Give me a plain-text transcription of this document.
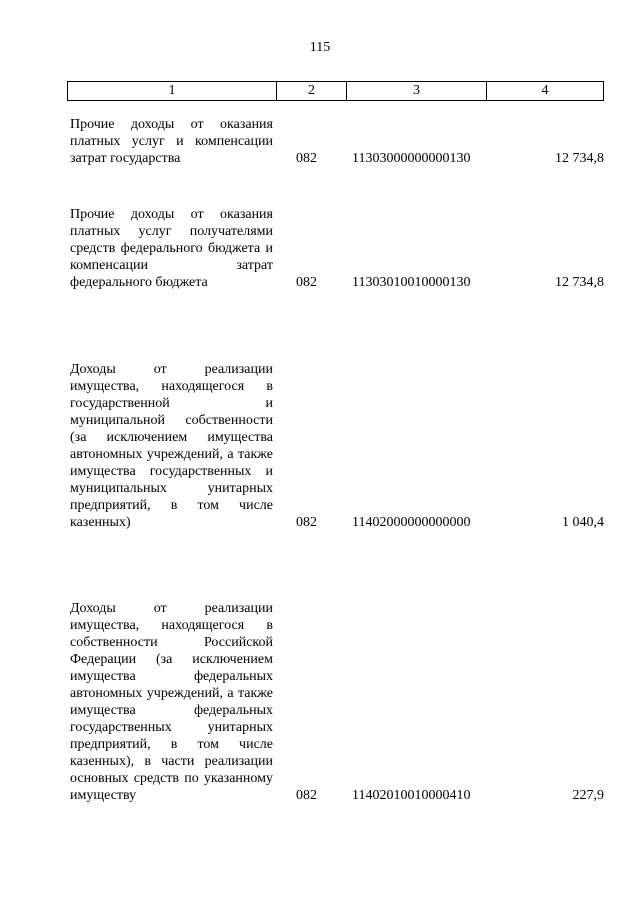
115
1	2	3	4
Прочие доходы от оказания платных услуг и компенсации затрат государства	082	11303000000000130	12 734,8
Прочие доходы от оказания платных услуг получателями средств федерального бюджета и компенсации затрат федерального бюджета	082	11303010010000130	12 734,8
Доходы от реализации имущества, находящегося в государственной и муниципальной собственности (за исключением имущества автономных учреждений, а также имущества государственных и муниципальных унитарных предприятий, в том числе казенных)	082	11402000000000000	1 040,4
Доходы от реализации имущества, находящегося в собственности Российской Федерации (за исключением имущества федеральных автономных учреждений, а также имущества федеральных государственных унитарных предприятий, в том числе казенных), в части реализации основных средств по указанному имуществу	082	11402010010000410	227,9
